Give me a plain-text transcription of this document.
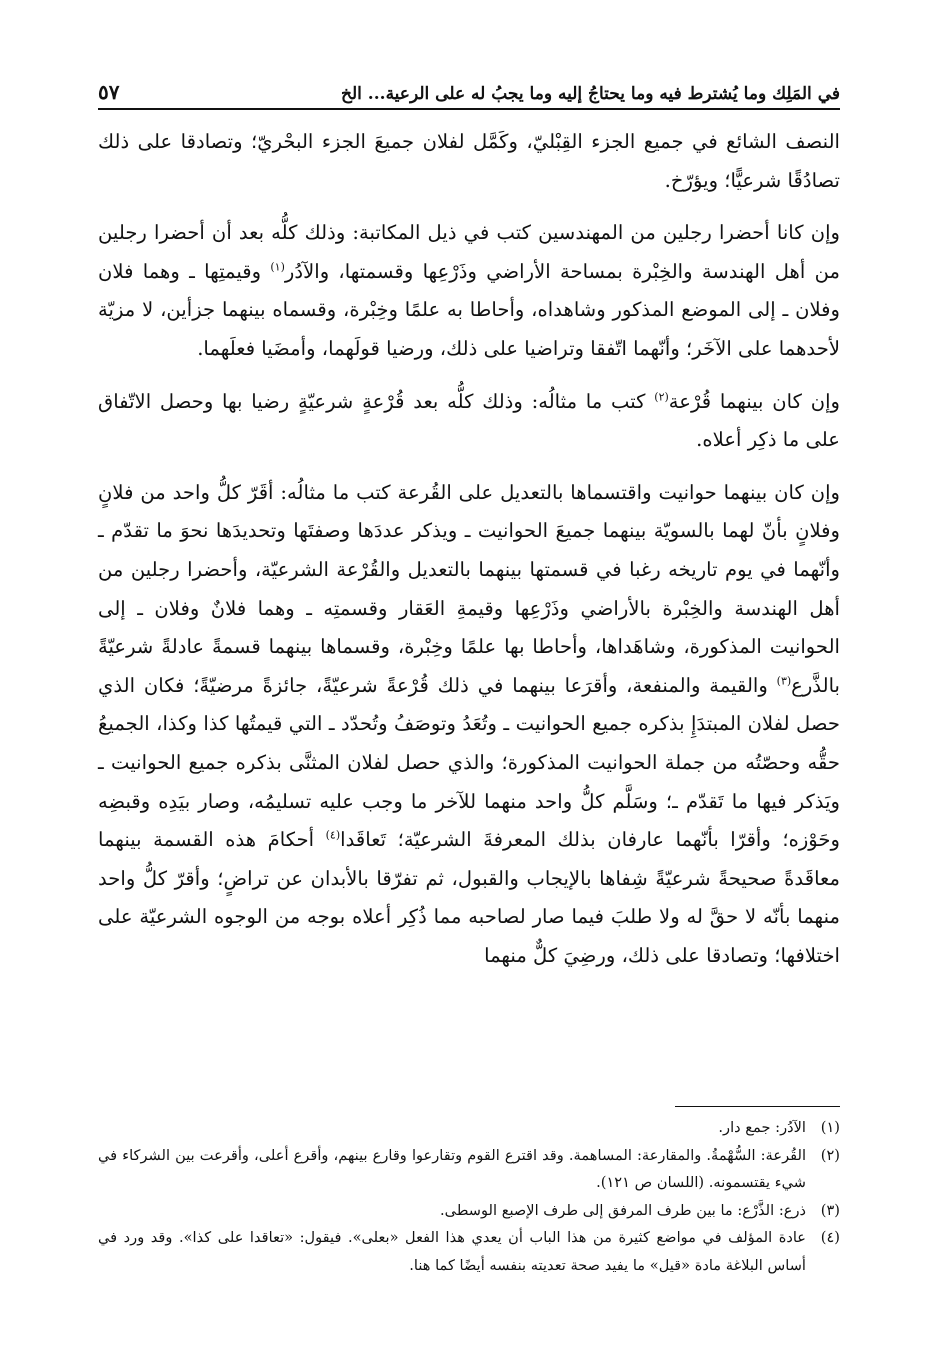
في المَلِك وما يُشترط فيه وما يحتاجُ إليه وما يجبُ له على الرعية... الخ
٥٧

النصف الشائع في جميع الجزء القِبْليّ، وكَمَّل لفلان جميعَ الجزء البحْريّ؛ وتصادقا على ذلك تصادُقًا شرعيًّا؛ ويؤرّخ.

وإن كانا أحضرا رجلين من المهندسين كتب في ذيل المكاتبة: وذلك كلُّه بعد أن أحضرا رجلين من أهل الهندسة والخِبْرة بمساحة الأراضي وذَرْعِها وقسمتها، والآدُر$^{(١)}$ وقيمتِها ـ وهما فلان وفلان ـ إلى الموضع المذكور وشاهداه، وأحاطا به علمًا وخِبْرة، وقسماه بينهما جزأين، لا مزيّة لأحدهما على الآخَر؛ وأنّهما اتّفقا وتراضيا على ذلك، ورضيا قولَهما، وأمضَيا فعلَهما.

وإن كان بينهما قُرْعة$^{(٢)}$ كتب ما مثالُه: وذلك كلُّه بعد قُرْعةٍ شرعيّةٍ رضيا بها وحصل الاتّفاق على ما ذكِر أعلاه.

وإن كان بينهما حوانيت واقتسماها بالتعديل على القُرعة كتب ما مثالُه: أقَرّ كلُّ واحد من فلانٍ وفلانٍ بأنّ لهما بالسويّة بينهما جميعَ الحوانيت ـ ويذكر عددَها وصفتَها وتحديدَها نحوَ ما تقدّم ـ وأنّهما في يوم تاريخه رغبا في قسمتها بينهما بالتعديل والقُرْعة الشرعيّة، وأحضرا رجلين من أهل الهندسة والخِبْرة بالأراضي وذَرْعِها وقيمةِ العَقار وقسمتِه ـ وهما فلانٌ وفلان ـ إلى الحوانيت المذكورة، وشاهَداها، وأحاطا بها علمًا وخِبْرة، وقسماها بينهما قسمةً عادلةً شرعيّةً بالذَّرع$^{(٣)}$ والقيمة والمنفعة، وأقرَعا بينهما في ذلك قُرْعةً شرعيّةً، جائزةً مرضيّةً؛ فكان الذي حصل لفلان المبتدَإِ بذكره جميع الحوانيت ـ وتُعَدُ وتوصَفُ وتُحدّد ـ التي قيمتُها كذا وكذا، الجميعُ حقُّه وحصّتُه من جملة الحوانيت المذكورة؛ والذي حصل لفلان المثنَّى بذكره جميع الحوانيت ـ ويَذكر فيها ما تَقدّم ـ؛ وسَلَّم كلُّ واحد منهما للآخر ما وجب عليه تسليمُه، وصار بيَدِه وقبضِه وحَوْزه؛ وأقرّا بأنّهما عارفان بذلك المعرفةَ الشرعيّة؛ تَعاقَدا$^{(٤)}$ أحكامَ هذه القسمة بينهما معاقَدةً صحيحةً شرعيّةً شِفاها بالإيجاب والقبول، ثم تفرّقا بالأبدان عن تراضٍ؛ وأقرّ كلُّ واحد منهما بأنّه لا حقَّ له ولا طلبَ فيما صار لصاحبه مما ذُكِر أعلاه بوجه من الوجوه الشرعيّة على اختلافها؛ وتصادقا على ذلك، ورضِيَ كلٌّ منهما

(١)
الآدُر: جمع دار.
(٢)
القُرعة: السُّهْمةُ. والمقارعة: المساهمة. وقد اقترع القوم وتقارعوا وقارع بينهم، وأقرع أعلى، وأقرعت بين الشركاء في شيء يقتسمونه. (اللسان ص ١٢١).
(٣)
ذرع: الذَّرْع: ما بين طرف المرفق إلى طرف الإصبع الوسطى.
(٤)
عادة المؤلف في مواضع كثيرة من هذا الباب أن يعدي هذا الفعل «بعلى». فيقول: «تعاقدا على كذا». وقد ورد في أساس البلاغة مادة «قيل» ما يفيد صحة تعديته بنفسه أيضًا كما هنا.
